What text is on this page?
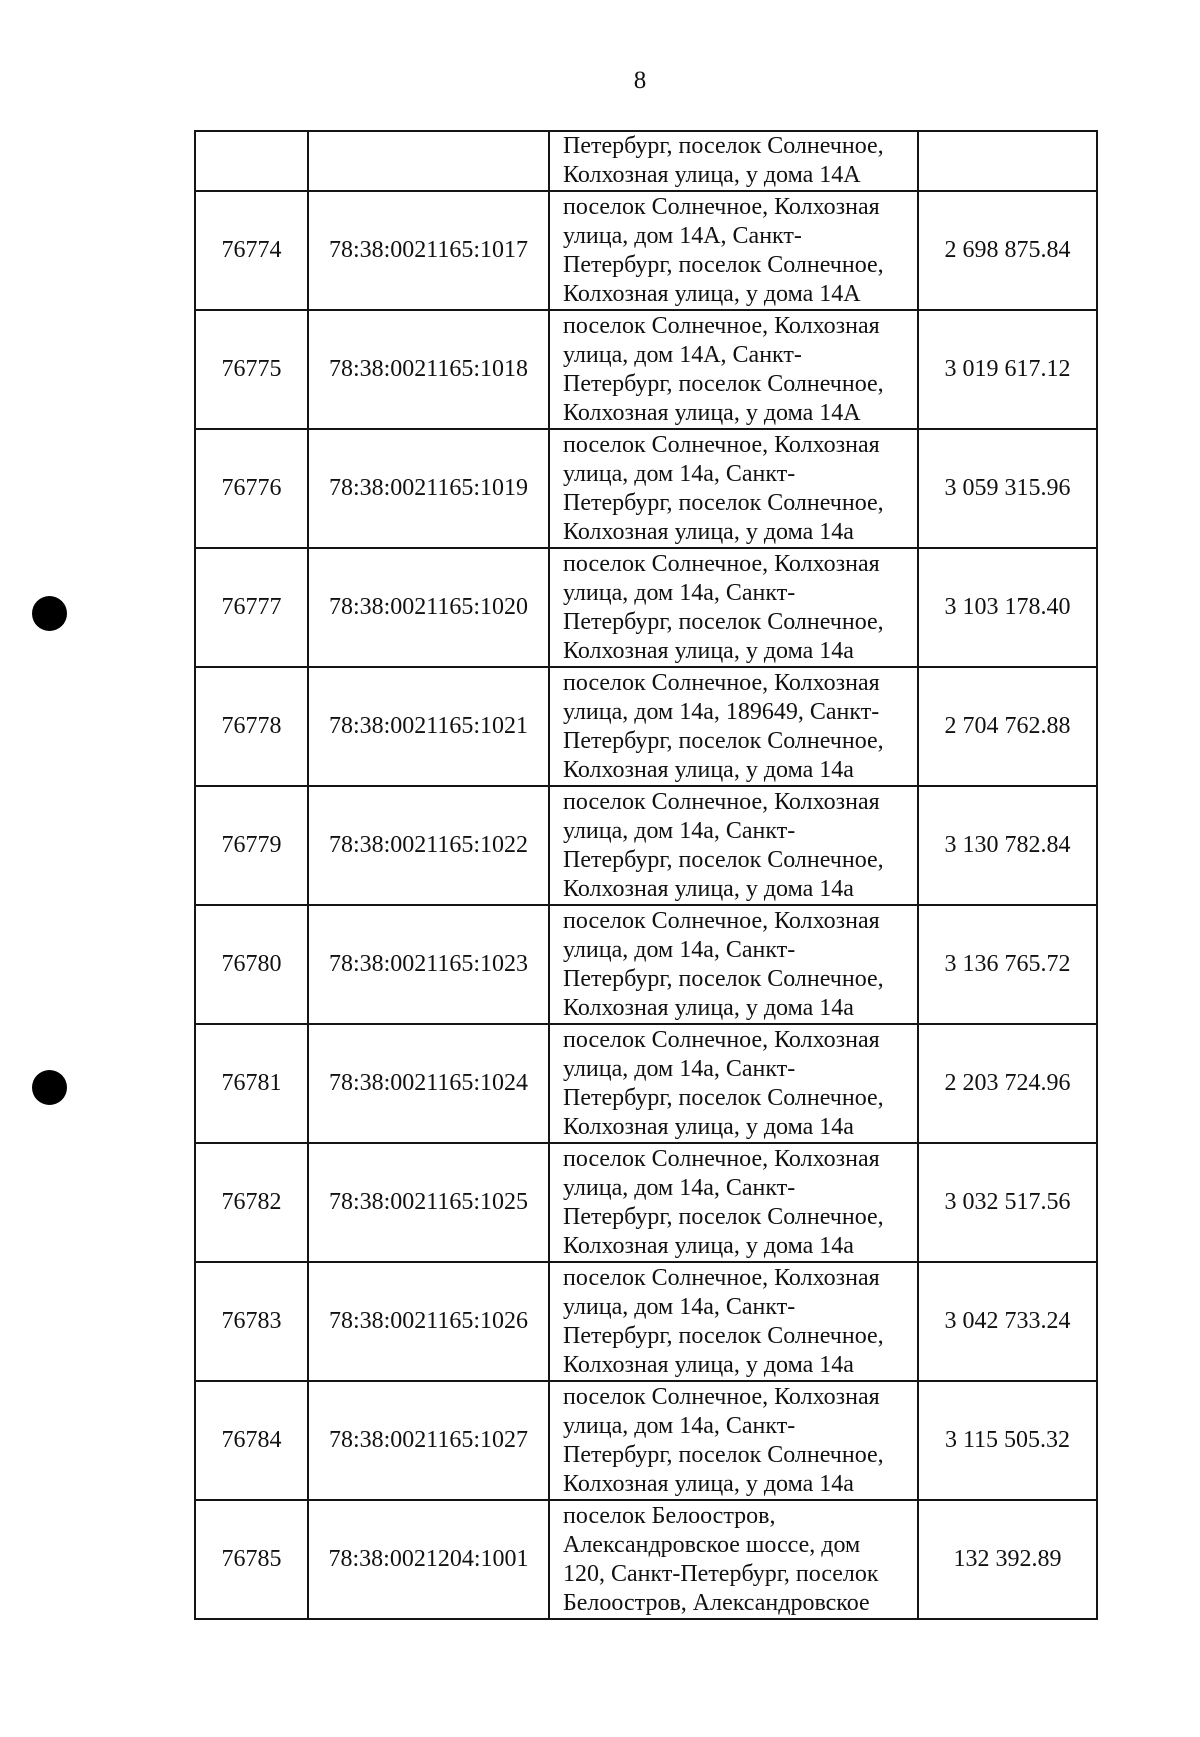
8

		Петербург, поселок Солнечное,
Колхозная улица, у дома 14А	

76774	78:38:0021165:1017	поселок Солнечное, Колхозная
улица, дом 14А, Санкт-
Петербург, поселок Солнечное,
Колхозная улица, у дома 14А	2 698 875.84
76775	78:38:0021165:1018	поселок Солнечное, Колхозная
улица, дом 14А, Санкт-
Петербург, поселок Солнечное,
Колхозная улица, у дома 14А	3 019 617.12
76776	78:38:0021165:1019	поселок Солнечное, Колхозная
улица, дом 14а, Санкт-
Петербург, поселок Солнечное,
Колхозная улица, у дома 14а	3 059 315.96
76777	78:38:0021165:1020	поселок Солнечное, Колхозная
улица, дом 14а, Санкт-
Петербург, поселок Солнечное,
Колхозная улица, у дома 14а	3 103 178.40
76778	78:38:0021165:1021	поселок Солнечное, Колхозная
улица, дом 14а, 189649, Санкт-
Петербург, поселок Солнечное,
Колхозная улица, у дома 14а	2 704 762.88
76779	78:38:0021165:1022	поселок Солнечное, Колхозная
улица, дом 14а, Санкт-
Петербург, поселок Солнечное,
Колхозная улица, у дома 14а	3 130 782.84
76780	78:38:0021165:1023	поселок Солнечное, Колхозная
улица, дом 14а, Санкт-
Петербург, поселок Солнечное,
Колхозная улица, у дома 14а	3 136 765.72
76781	78:38:0021165:1024	поселок Солнечное, Колхозная
улица, дом 14а, Санкт-
Петербург, поселок Солнечное,
Колхозная улица, у дома 14а	2 203 724.96
76782	78:38:0021165:1025	поселок Солнечное, Колхозная
улица, дом 14а, Санкт-
Петербург, поселок Солнечное,
Колхозная улица, у дома 14а	3 032 517.56
76783	78:38:0021165:1026	поселок Солнечное, Колхозная
улица, дом 14а, Санкт-
Петербург, поселок Солнечное,
Колхозная улица, у дома 14а	3 042 733.24
76784	78:38:0021165:1027	поселок Солнечное, Колхозная
улица, дом 14а, Санкт-
Петербург, поселок Солнечное,
Колхозная улица, у дома 14а	3 115 505.32
76785	78:38:0021204:1001	поселок Белоостров,
Александровское шоссе, дом
120, Санкт-Петербург, поселок
Белоостров, Александровское	132 392.89
